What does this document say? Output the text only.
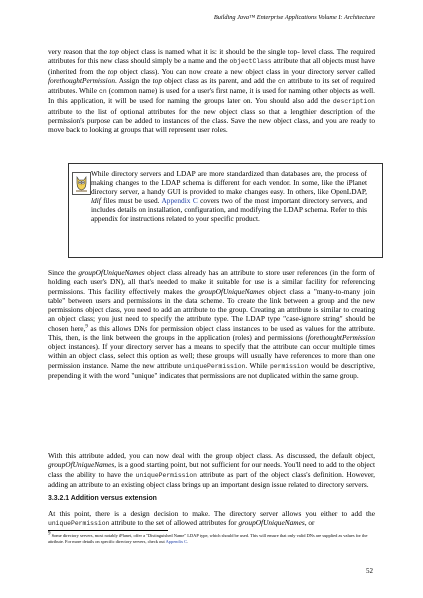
Building Java™ Enterprise Applications Volume I: Architecture

very reason that the top object class is named what it is: it should be the single top- level class. The required attributes for this new class should simply be a name and the objectClass attribute that all objects must have (inherited from the top object class). You can now create a new object class in your directory server called forethoughtPermission. Assign the top object class as its parent, and add the cn attribute to its set of required attributes. While cn (common name) is used for a user's first name, it is used for naming other objects as well. In this application, it will be used for naming the groups later on. You should also add the description attribute to the list of optional attributes for the new object class so that a lengthier description of the permission's purpose can be added to instances of the class. Save the new object class, and you are ready to move back to looking at groups that will represent user roles.

While directory servers and LDAP are more standardized than databases are, the process of making changes to the LDAP schema is different for each vendor. In some, like the iPlanet directory server, a handy GUI is provided to make changes easy. In others, like OpenLDAP, ldif files must be used. Appendix C covers two of the most important directory servers, and includes details on installation, configuration, and modifying the LDAP schema. Refer to this appendix for instructions related to your specific product.

Since the groupOfUniqueNames object class already has an attribute to store user references (in the form of holding each user's DN), all that's needed to make it suitable for use is a similar facility for referencing permissions. This facility effectively makes the groupOfUniqueNames object class a "many-to-many join table" between users and permissions in the data scheme. To create the link between a group and the new permissions object class, you need to add an attribute to the group. Creating an attribute is similar to creating an object class; you just need to specify the attribute type. The LDAP type "case-ignore string" should be chosen here,$^9$ as this allows DNs for permission object class instances to be used as values for the attribute. This, then, is the link between the groups in the application (roles) and permissions (forethoughtPermission object instances). If your directory server has a means to specify that the attribute can occur multiple times within an object class, select this option as well; these groups will usually have references to more than one permission instance. Name the new attribute uniquePermission. While permission would be descriptive, prepending it with the word "unique" indicates that permissions are not duplicated within the same group.

With this attribute added, you can now deal with the group object class. As discussed, the default object, groupOfUniqueNames, is a good starting point, but not sufficient for our needs. You'll need to add to the object class the ability to have the uniquePermission attribute as part of the object class's definition. However, adding an attribute to an existing object class brings up an important design issue related to directory servers.

3.3.2.1 Addition versus extension

At this point, there is a design decision to make. The directory server allows you either to add the uniquePermission attribute to the set of allowed attributes for groupOfUniqueNames, or

$^9$ Some directory servers, most notably iPlanet, offer a "Distinguished Name" LDAP type, which should be used. This will ensure that only valid DNs are supplied as values for the attribute. For more details on specific directory servers, check out Appendix C.

52
